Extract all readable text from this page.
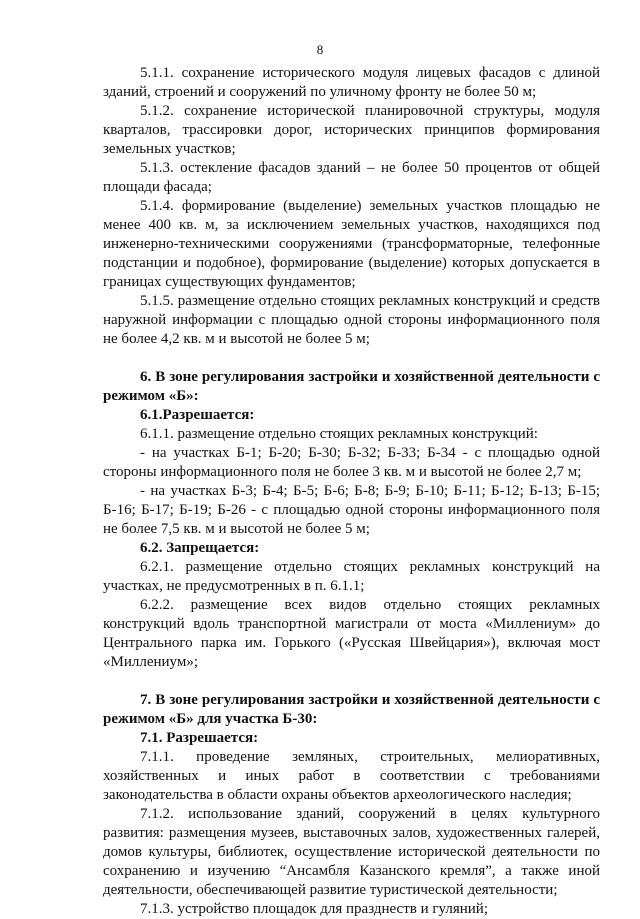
8

5.1.1. сохранение исторического модуля лицевых фасадов с длиной зданий, строений и сооружений по уличному фронту не более 50 м;

5.1.2. сохранение исторической планировочной структуры, модуля кварталов, трассировки дорог, исторических принципов формирования земельных участков;

5.1.3. остекление фасадов зданий – не более 50 процентов от общей площади фасада;

5.1.4. формирование (выделение) земельных участков площадью не менее 400 кв. м, за исключением земельных участков, находящихся под инженерно-техническими сооружениями (трансформаторные, телефонные подстанции и подобное), формирование (выделение) которых допускается в границах существующих фундаментов;

5.1.5. размещение отдельно стоящих рекламных конструкций и средств наружной информации с площадью одной стороны информационного поля не более 4,2 кв. м и высотой не более 5 м;

6. В зоне регулирования застройки и хозяйственной деятельности с режимом «Б»:

6.1.Разрешается:

6.1.1. размещение отдельно стоящих рекламных конструкций:

- на участках Б-1; Б-20; Б-30; Б-32; Б-33; Б-34 - с площадью одной стороны информационного поля не более 3 кв. м и высотой не более 2,7 м;

- на участках Б-3; Б-4; Б-5; Б-6; Б-8; Б-9; Б-10; Б-11; Б-12; Б-13; Б-15; Б-16; Б-17; Б-19; Б-26 - с площадью одной стороны информационного поля не более 7,5 кв. м и высотой не более 5 м;

6.2. Запрещается:

6.2.1. размещение отдельно стоящих рекламных конструкций на участках, не предусмотренных в п. 6.1.1;

6.2.2. размещение всех видов отдельно стоящих рекламных конструкций вдоль транспортной магистрали от моста «Миллениум» до Центрального парка им. Горького («Русская Швейцария»), включая мост «Миллениум»;

7. В зоне регулирования застройки и хозяйственной деятельности с режимом «Б» для участка Б-30:

7.1. Разрешается:

7.1.1. проведение земляных, строительных, мелиоративных, хозяйственных и иных работ в соответствии с требованиями законодательства в области охраны объектов археологического наследия;

7.1.2. использование зданий, сооружений в целях культурного развития: размещения музеев, выставочных залов, художественных галерей, домов культуры, библиотек, осуществление исторической деятельности по сохранению и изучению “Ансамбля Казанского кремля”, а также иной деятельности, обеспечивающей развитие туристической деятельности;

7.1.3. устройство площадок для празднеств и гуляний;
